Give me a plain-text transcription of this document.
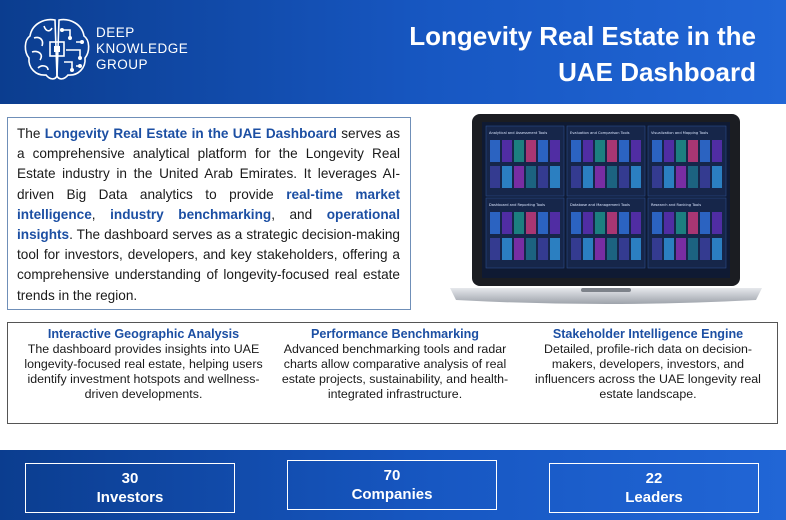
DEEP
KNOWLEDGE
GROUP
Longevity Real Estate in the UAE Dashboard
The Longevity Real Estate in the UAE Dashboard serves as a comprehensive analytical platform for the Longevity Real Estate industry in the United Arab Emirates. It leverages AI-driven Big Data analytics to provide real-time market intelligence, industry benchmarking, and operational insights. The dashboard serves as a strategic decision-making tool for investors, developers, and key stakeholders, offering a comprehensive understanding of longevity-focused real estate trends in the region.
Analytical and Assessment Tools	Evaluation and Comparison Tools	Visualization and Mapping Tools
Dashboard and Reporting Tools	Database and Management Tools	Research and Ranking Tools
Interactive Geographic Analysis

The dashboard provides insights into UAE longevity-focused real estate, helping users identify investment hotspots and wellness-driven developments.

Performance Benchmarking

Advanced benchmarking tools and radar charts allow comparative analysis of real estate projects, sustainability, and health-integrated infrastructure.

Stakeholder Intelligence Engine

Detailed, profile-rich data on decision-makers, developers, investors, and influencers across the UAE longevity real estate landscape.

30
Investors
70
Companies
22
Leaders
